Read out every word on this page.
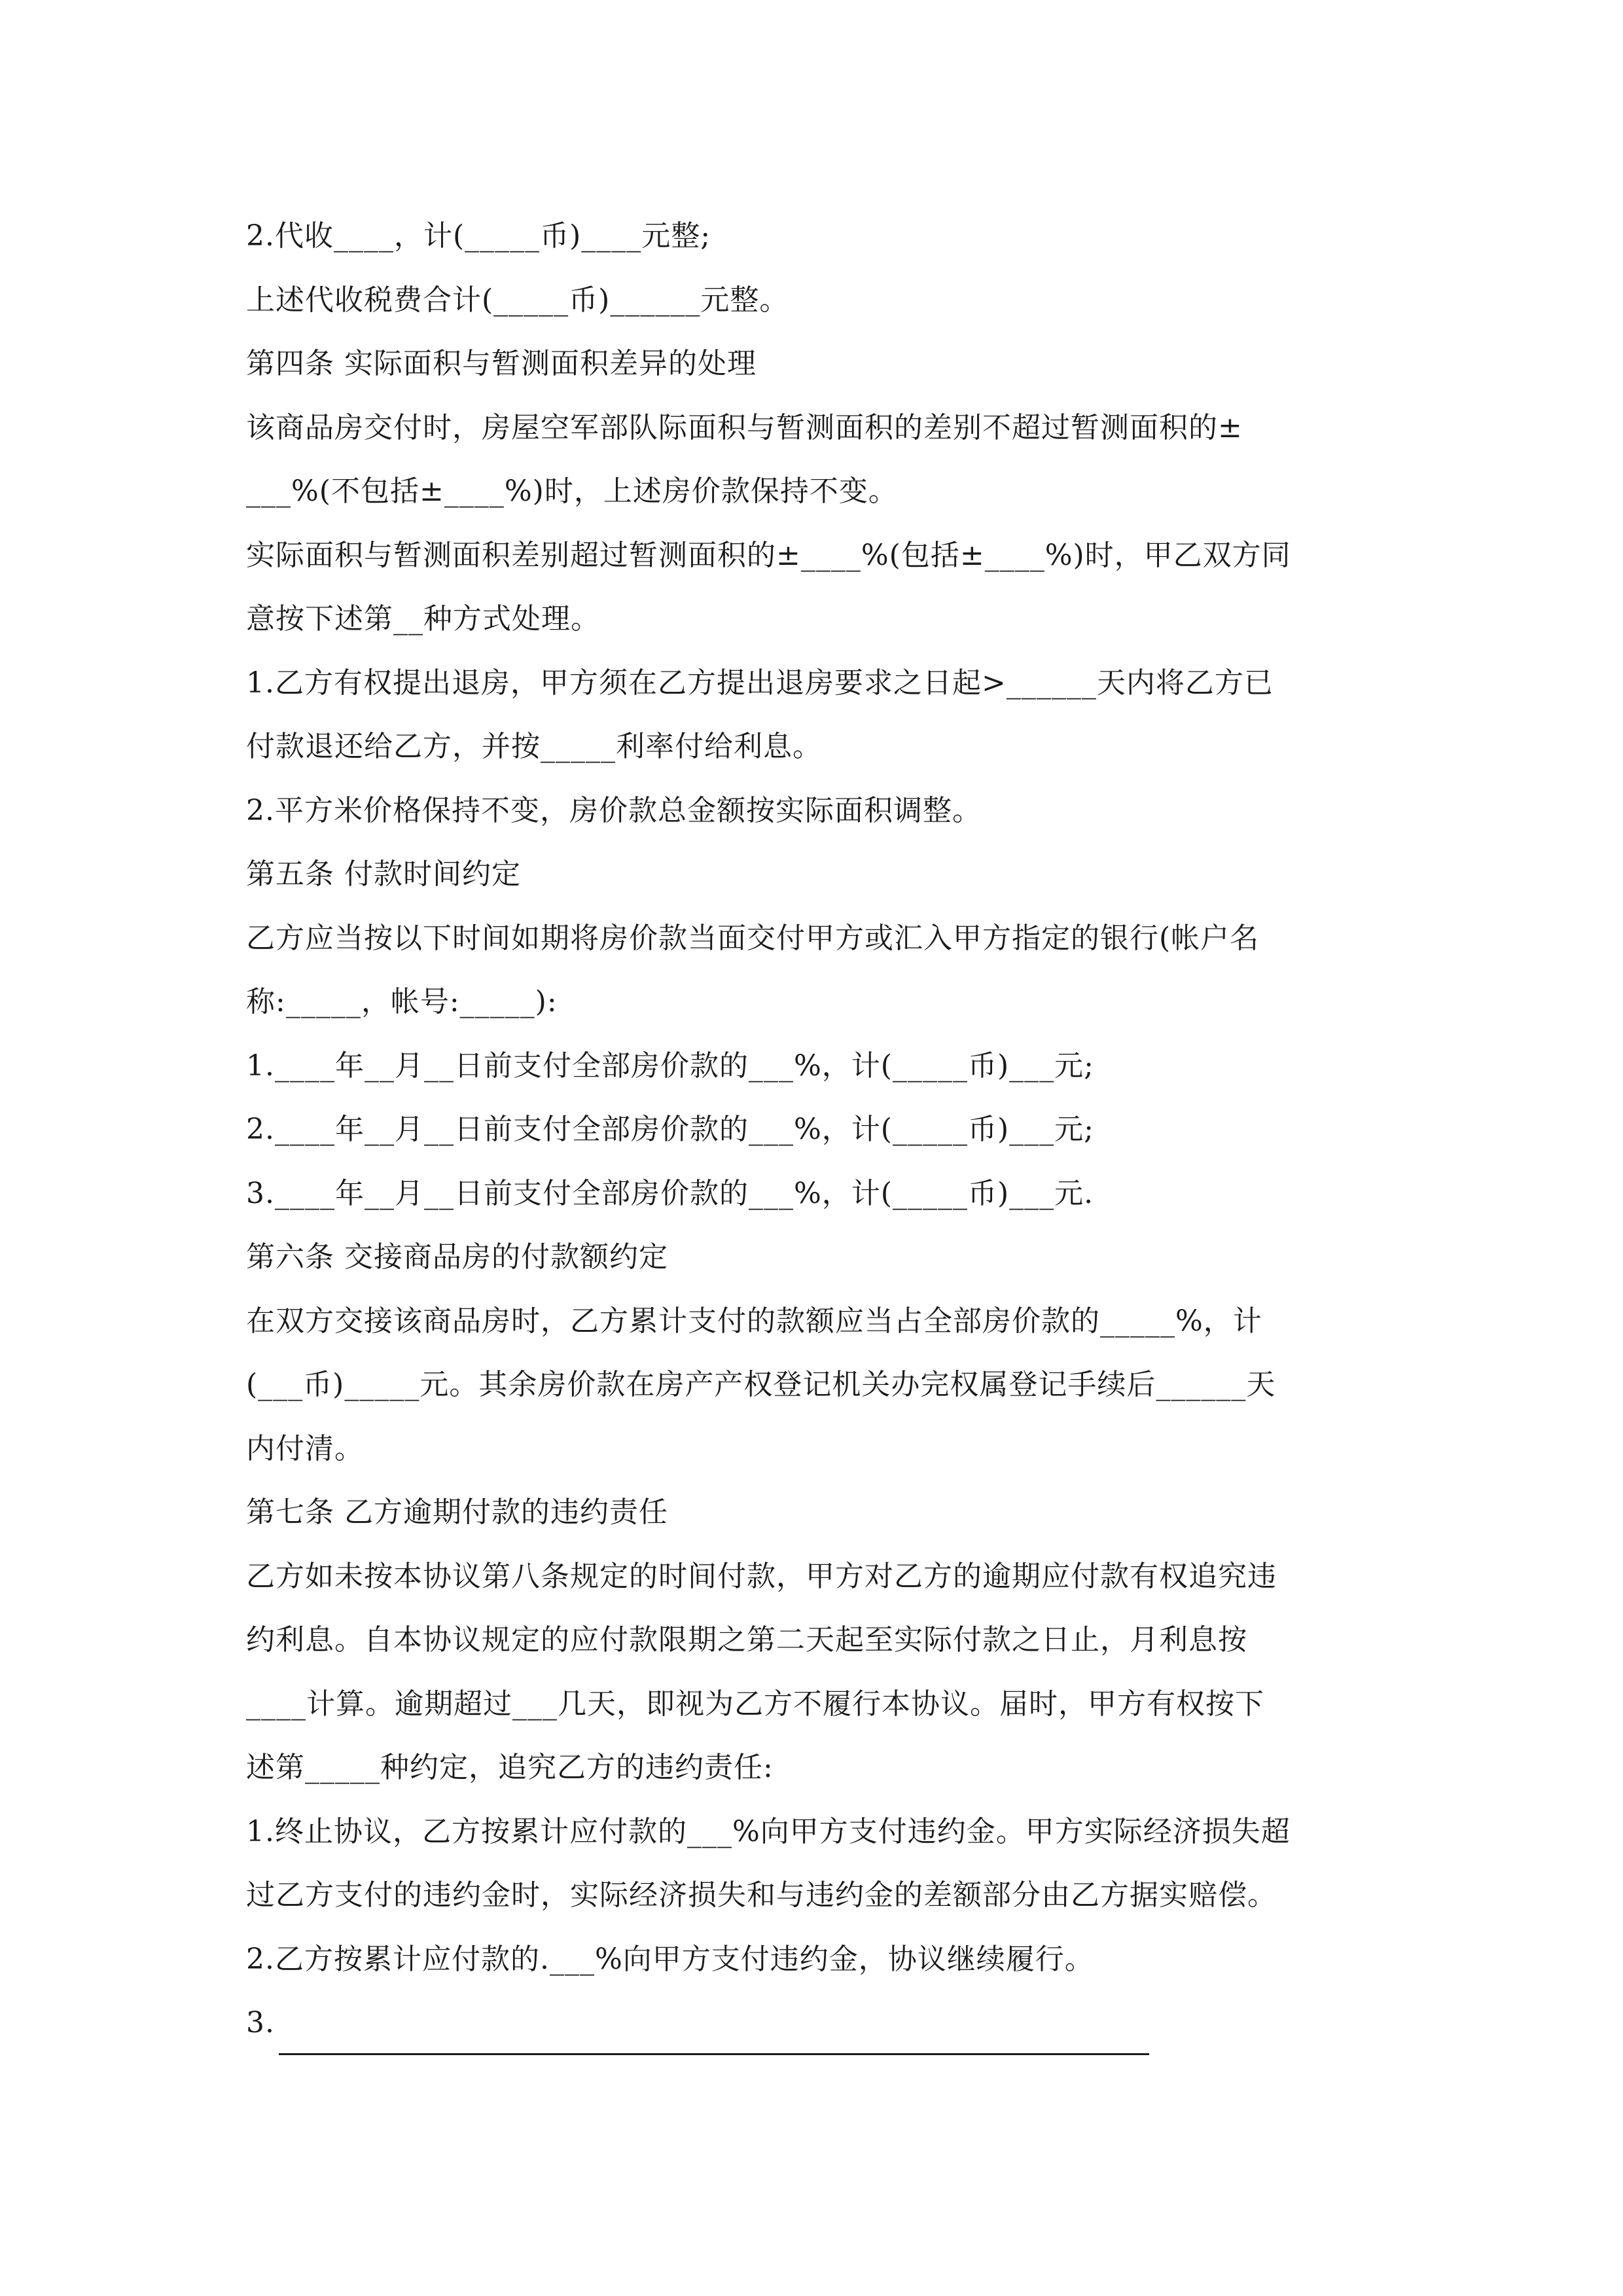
2.代收____，计(_____币)____元整;
上述代收税费合计(_____币)______元整。
第四条 实际面积与暂测面积差异的处理
该商品房交付时，房屋空军部队际面积与暂测面积的差别不超过暂测面积的±
___%(不包括±____%)时，上述房价款保持不变。
实际面积与暂测面积差别超过暂测面积的±____%(包括±____%)时，甲乙双方同
意按下述第__种方式处理。
1.乙方有权提出退房，甲方须在乙方提出退房要求之日起>______天内将乙方已
付款退还给乙方，并按_____利率付给利息。
2.平方米价格保持不变，房价款总金额按实际面积调整。
第五条 付款时间约定
乙方应当按以下时间如期将房价款当面交付甲方或汇入甲方指定的银行(帐户名
称:_____，帐号:_____):
1.____年__月__日前支付全部房价款的___%，计(_____币)___元;
2.____年__月__日前支付全部房价款的___%，计(_____币)___元;
3.____年__月__日前支付全部房价款的___%，计(_____币)___元.
第六条 交接商品房的付款额约定
在双方交接该商品房时，乙方累计支付的款额应当占全部房价款的_____%，计
(___币)_____元。其余房价款在房产产权登记机关办完权属登记手续后______天
内付清。
第七条 乙方逾期付款的违约责任
乙方如未按本协议第八条规定的时间付款，甲方对乙方的逾期应付款有权追究违
约利息。自本协议规定的应付款限期之第二天起至实际付款之日止，月利息按
____计算。逾期超过___几天，即视为乙方不履行本协议。届时，甲方有权按下
述第_____种约定，追究乙方的违约责任:
1.终止协议，乙方按累计应付款的___%向甲方支付违约金。甲方实际经济损失超
过乙方支付的违约金时，实际经济损失和与违约金的差额部分由乙方据实赔偿。
2.乙方按累计应付款的.___%向甲方支付违约金，协议继续履行。
3.
